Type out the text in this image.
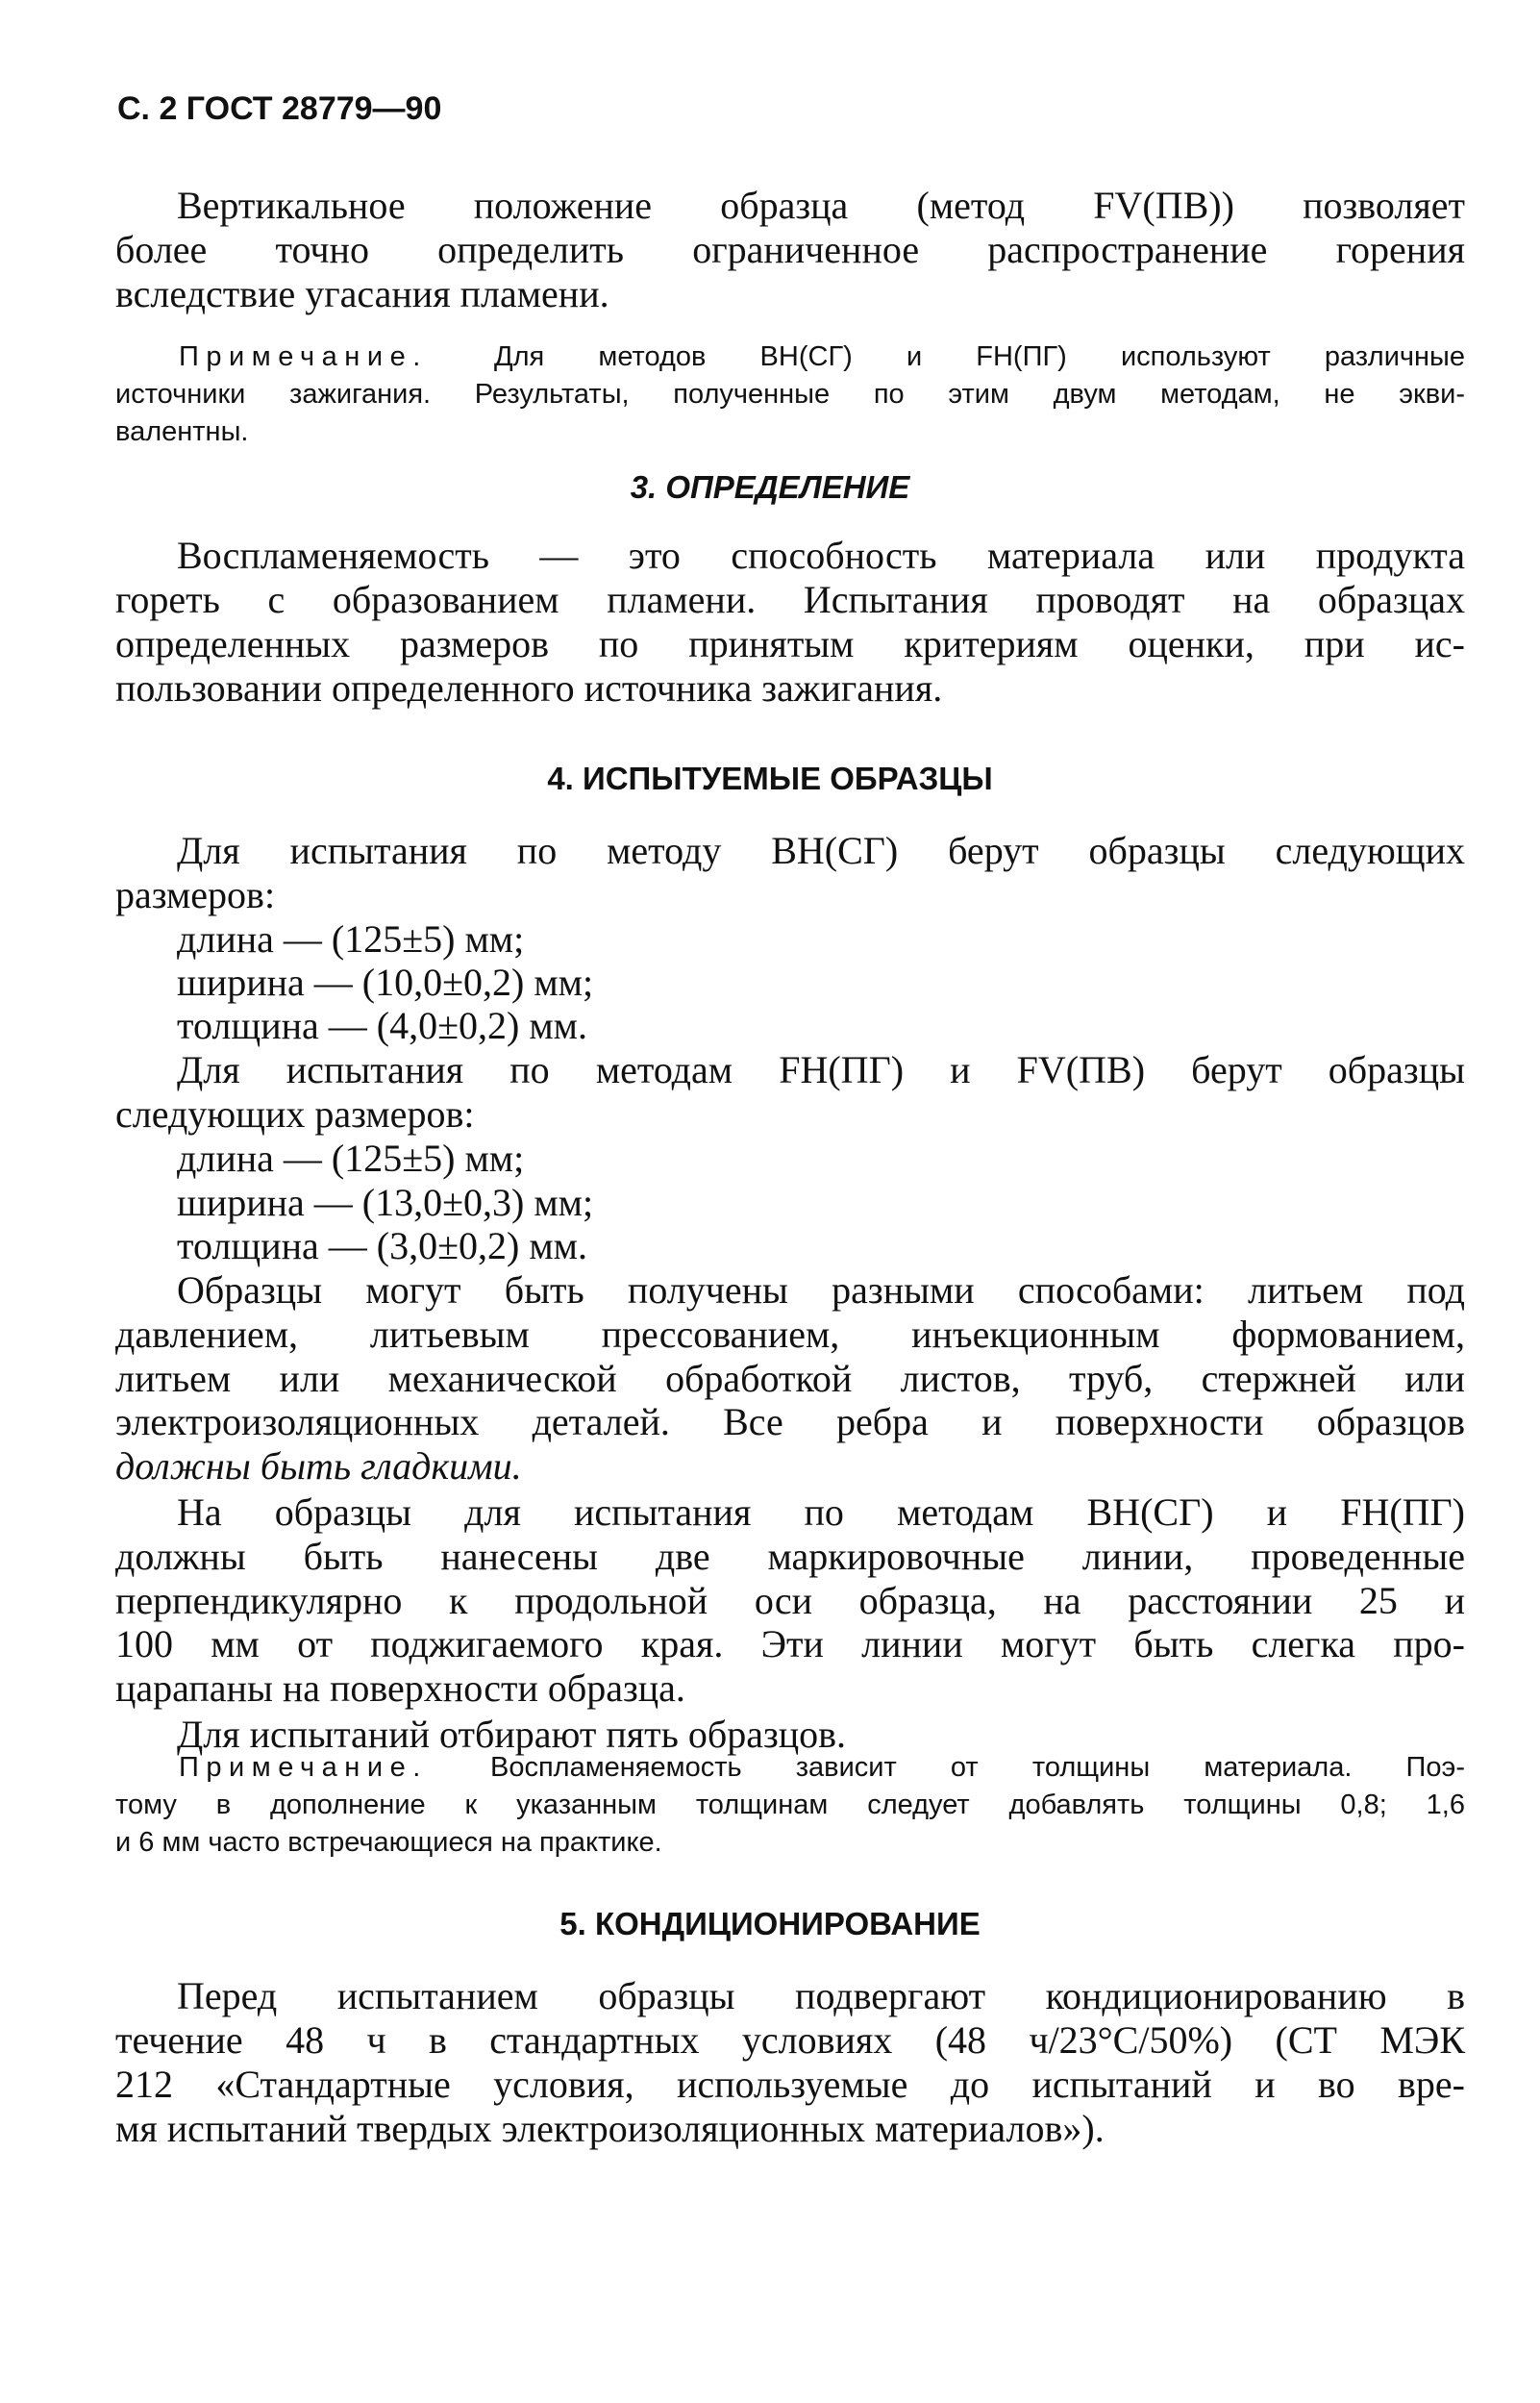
С. 2 ГОСТ 28779—90
Вертикальное положение образца (метод FV(ПВ)) позволяет
более точно определить ограниченное распространение горения
вследствие угасания пламени.
Примечание. Для методов ВН(СГ) и FН(ПГ) используют различные
источники зажигания. Результаты, полученные по этим двум методам, не экви-
валентны.
3. ОПРЕДЕЛЕНИЕ
Воспламеняемость — это способность материала или продукта
гореть с образованием пламени. Испытания проводят на образцах
определенных размеров по принятым критериям оценки, при ис-
пользовании определенного источника зажигания.
4. ИСПЫТУЕМЫЕ ОБРАЗЦЫ
Для испытания по методу ВН(СГ) берут образцы следующих
размеров:
длина — (125±5) мм;
ширина — (10,0±0,2) мм;
толщина — (4,0±0,2) мм.
Для испытания по методам FН(ПГ) и FV(ПВ) берут образцы
следующих размеров:
длина — (125±5) мм;
ширина — (13,0±0,3) мм;
толщина — (3,0±0,2) мм.
Образцы могут быть получены разными способами: литьем под
давлением, литьевым прессованием, инъекционным формованием,
литьем или механической обработкой листов, труб, стержней или
электроизоляционных деталей. Все ребра и поверхности образцов
должны быть гладкими.
На образцы для испытания по методам ВН(СГ) и FН(ПГ)
должны быть нанесены две маркировочные линии, проведенные
перпендикулярно к продольной оси образца, на расстоянии 25 и
100 мм от поджигаемого края. Эти линии могут быть слегка про-
царапаны на поверхности образца.
Для испытаний отбирают пять образцов.
Примечание. Воспламеняемость зависит от толщины материала. Поэ-
тому в дополнение к указанным толщинам следует добавлять толщины 0,8; 1,6
и 6 мм часто встречающиеся на практике.
5. КОНДИЦИОНИРОВАНИЕ
Перед испытанием образцы подвергают кондиционированию в
течение 48 ч в стандартных условиях (48 ч/23°С/50%) (СТ МЭК
212 «Стандартные условия, используемые до испытаний и во вре-
мя испытаний твердых электроизоляционных материалов»).
